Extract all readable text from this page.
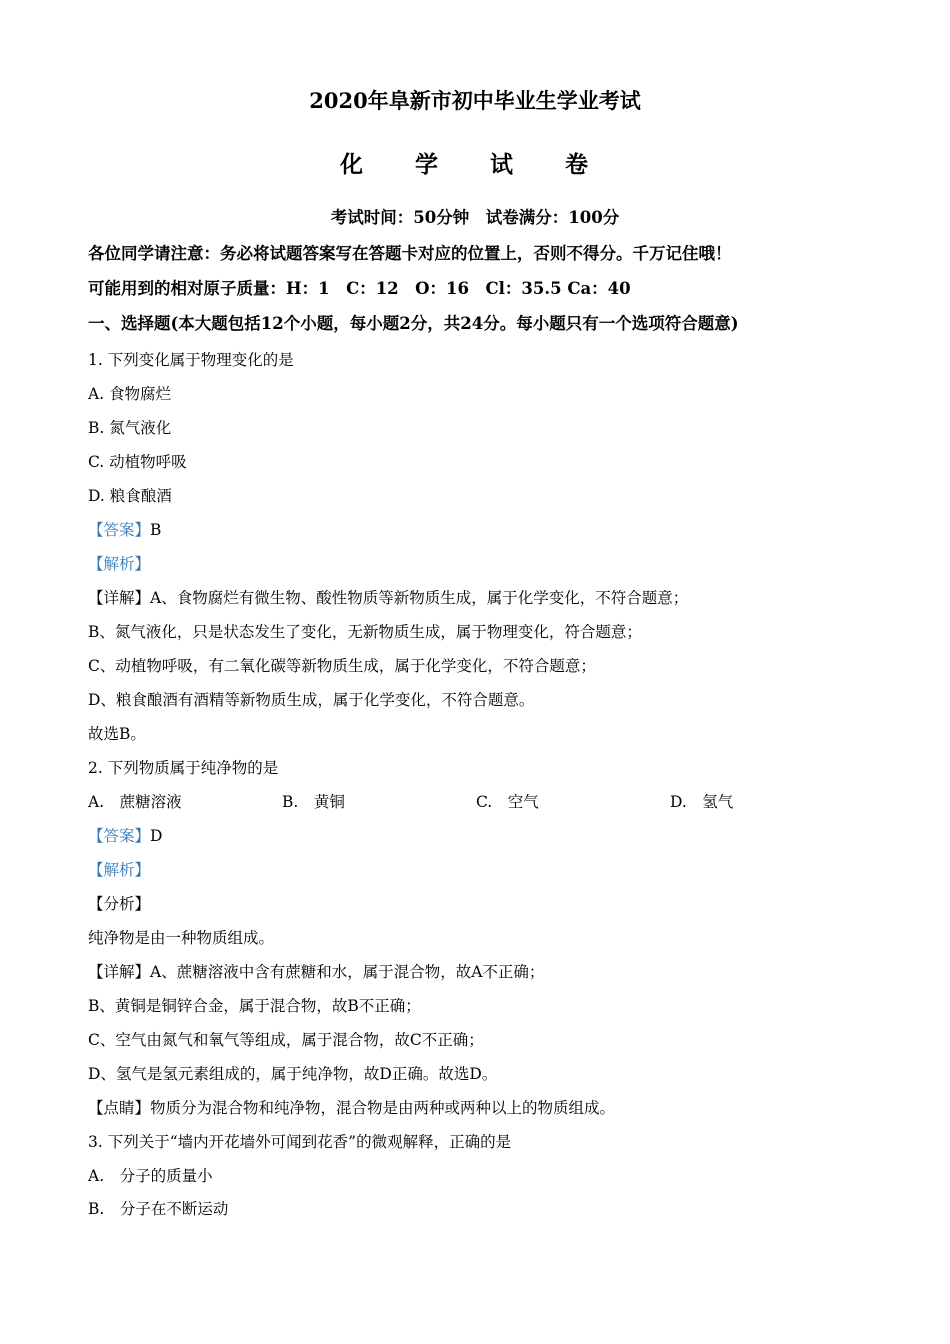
2020年阜新市初中毕业生学业考试
化 学 试 卷
考试时间：50分钟　试卷满分：100分
各位同学请注意：务必将试题答案写在答题卡对应的位置上，否则不得分。千万记住哦！
可能用到的相对原子质量：H：1　C：12　O：16　Cl：35.5 Ca：40
一、选择题(本大题包括12个小题，每小题2分，共24分。每小题只有一个选项符合题意)
1. 下列变化属于物理变化的是
A. 食物腐烂
B. 氮气液化
C. 动植物呼吸
D. 粮食酿酒
【答案】B
【解析】
【详解】A、食物腐烂有微生物、酸性物质等新物质生成，属于化学变化，不符合题意；
B、氮气液化，只是状态发生了变化，无新物质生成，属于物理变化，符合题意；
C、动植物呼吸，有二氧化碳等新物质生成，属于化学变化，不符合题意；
D、粮食酿酒有酒精等新物质生成，属于化学变化，不符合题意。
故选B。
2. 下列物质属于纯净物的是
A.　蔗糖溶液	B.　黄铜	C.　空气	D.　氢气
【答案】D
【解析】
【分析】
纯净物是由一种物质组成。
【详解】A、蔗糖溶液中含有蔗糖和水，属于混合物，故A不正确；
B、黄铜是铜锌合金，属于混合物，故B不正确；
C、空气由氮气和氧气等组成，属于混合物，故C不正确；
D、氢气是氢元素组成的，属于纯净物，故D正确。故选D。
【点睛】物质分为混合物和纯净物，混合物是由两种或两种以上的物质组成。
3. 下列关于“墙内开花墙外可闻到花香”的微观解释，正确的是
A.　分子的质量小
B.　分子在不断运动
